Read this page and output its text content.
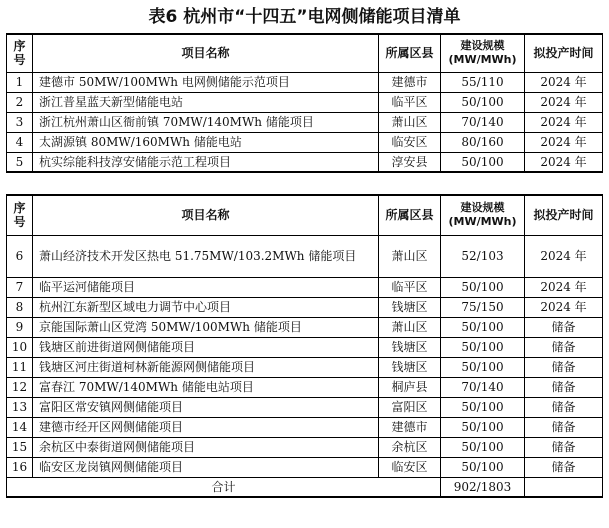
表6 杭州市“十四五”电网侧储能项目清单
序号	项目名称	所属区县	建设规模(MW/MWh)	拟投产时间
1	建德市 50MW/100MWh 电网侧储能示范项目	建德市	55/110	2024 年
2	浙江普星蓝天新型储能电站	临平区	50/100	2024 年
3	浙江杭州萧山区衙前镇 70MW/140MWh 储能项目	萧山区	70/140	2024 年
4	太湖源镇 80MW/160MWh 储能电站	临安区	80/160	2024 年
5	杭实综能科技淳安储能示范工程项目	淳安县	50/100	2024 年
序号	项目名称	所属区县	建设规模(MW/MWh)	拟投产时间
6	萧山经济技术开发区热电 51.75MW/103.2MWh 储能项目	萧山区	52/103	2024 年
7	临平运河储能项目	临平区	50/100	2024 年
8	杭州江东新型区域电力调节中心项目	钱塘区	75/150	2024 年
9	京能国际萧山区党湾 50MW/100MWh 储能项目	萧山区	50/100	储备
10	钱塘区前进街道网侧储能项目	钱塘区	50/100	储备
11	钱塘区河庄街道柯林新能源网侧储能项目	钱塘区	50/100	储备
12	富春江 70MW/140MWh 储能电站项目	桐庐县	70/140	储备
13	富阳区常安镇网侧储能项目	富阳区	50/100	储备
14	建德市经开区网侧储能项目	建德市	50/100	储备
15	余杭区中泰街道网侧储能项目	余杭区	50/100	储备
16	临安区龙岗镇网侧储能项目	临安区	50/100	储备
合计			902/1803	
